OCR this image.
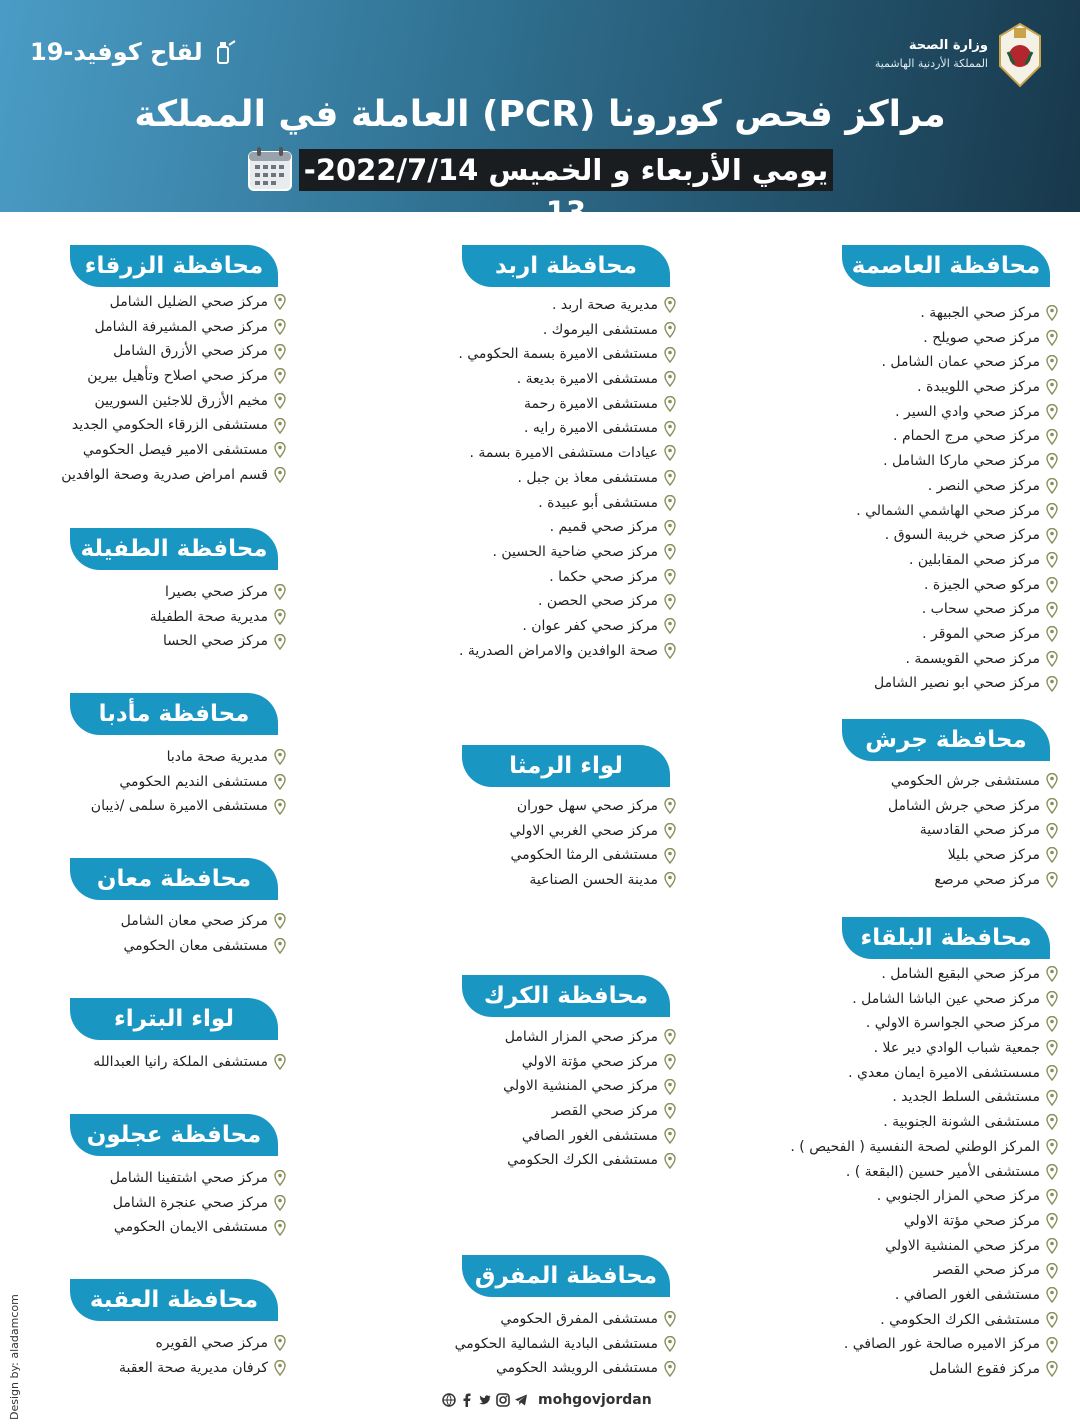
وزارة الصحة
المملكة الأردنية الهاشمية
لقاح كوفيد-19
مراكز فحص كورونا (PCR) العاملة في المملكة
يومي الأربعاء و الخميس 2022/7/14-13
محافظة العاصمة
مركز صحي الجبيهة .
مركز صحي صويلح .
مركز صحي عمان الشامل .
مركز صحي اللويبدة .
مركز صحي وادي السير .
مركز صحي مرج الحمام .
مركز صحي ماركا الشامل .
مركز صحي النصر .
مركز صحي الهاشمي الشمالي .
مركز صحي خريبة السوق .
مركز صحي المقابلين .
مركو صحي الجيزة .
مركز صحي سحاب .
مركز صحي الموقر .
مركز صحي القويسمة .
مركز صحي ابو نصير الشامل
محافظة جرش
مستشفى جرش الحكومي
مركز صحي جرش الشامل
مركز صحي القادسية
مركز صحي بليلا
مركز صحي مرصع
محافظة البلقاء
مركز صحي البقيع الشامل .
مركز صحي عين الباشا الشامل .
مركز صحي الجواسرة الاولي .
جمعية شباب الوادي دير علا .
مسستشفى الاميرة ايمان معدي .
مستشفى السلط الجديد .
مستشفى الشونة الجنوبية .
المركز الوطني لصحة النفسية ( الفحيص ) .
مستشفى الأمير حسين (البقعة ) .
مركز صحي المزار الجنوبي .
مركز صحي مؤتة الاولي
مركز صحي المنشية الاولي
مركز صحي القصر
مستشفى الغور الصافي .
مستشفى الكرك الحكومي .
مركز الاميره صالحة غور الصافي .
مركز فقوع الشامل
محافظة اربد
مديرية صحة اربد .
مستشفى اليرموك .
مستشفى الاميرة بسمة الحكومي .
مستشفى الاميرة بديعة .
مستشفى الاميرة رحمة
مستشفى الاميرة رايه .
عيادات مستشفى الاميرة بسمة .
مستشفى معاذ بن جبل .
مستشفى أبو عبيدة .
مركز صحي قميم .
مركز صحي ضاحية الحسين .
مركز صحي حكما .
مركز صحي الحصن .
مركز صحي كفر عوان .
صحة الوافدين والامراض الصدرية .
لواء الرمثا
مركز صحي سهل حوران
مركز صحي الغربي الاولي
مستشفى الرمثا الحكومي
مدينة الحسن الصناعية
محافظة الكرك
مركز صحي المزار الشامل
مركز صحي مؤتة الاولي
مركز صحي المنشية الاولي
مركز صحي القصر
مستشفى الغور الصافي
مستشفى الكرك الحكومي
محافظة المفرق
مستشفى المفرق الحكومي
مستشفى البادية الشمالية الحكومي
مستشفى الرويشد الحكومي
محافظة الزرقاء
مركز صحي الضليل الشامل
مركز صحي المشيرفة الشامل
مركز صحي الأزرق الشامل
مركز صحي اصلاح وتأهيل بيرين
مخيم الأزرق للاجئين السوريين
مستشفى الزرقاء الحكومي الجديد
مستشفى الامير فيصل الحكومي
قسم امراض صدرية وصحة الوافدين
محافظة الطفيلة
مركز صحي بصيرا
مديرية صحة الطفيلة
مركز صحي الحسا
محافظة مأدبا
مديرية صحة مادبا
مستشفى النديم الحكومي
مستشفى الاميرة سلمى /ذيبان
محافظة معان
مركز صحي معان الشامل
مستشفى معان الحكومي
لواء البتراء
مستشفى الملكة رانيا العبدالله
محافظة عجلون
مركز صحي اشتفينا الشامل
مركز صحي عنجرة الشامل
مستشفى الايمان الحكومي
محافظة العقبة
مركز صحي القويره
كرفان مديرية صحة العقبة
Design by: aladamcom	mohgovjordan
